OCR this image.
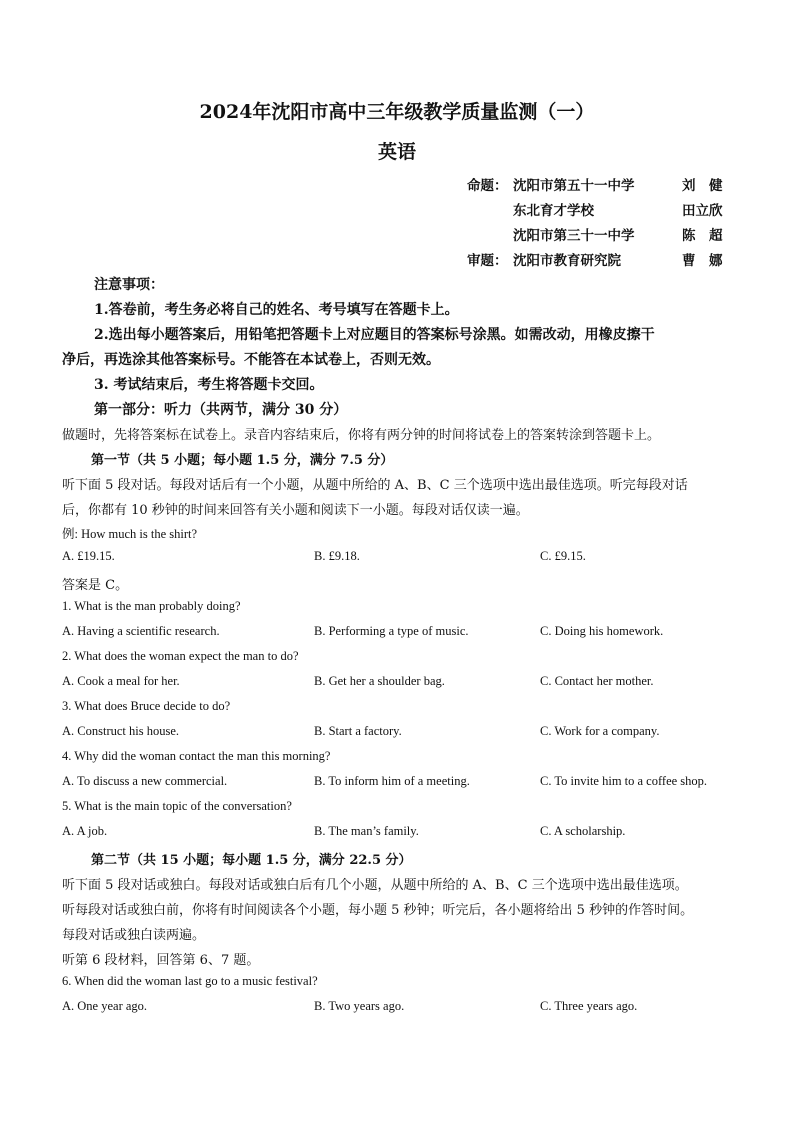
2024年沈阳市高中三年级教学质量监测（一）
英语
命题： 沈阳市第五十一中学	刘　健
东北育才学校	田立欣
沈阳市第三十一中学	陈　超
审题： 沈阳市教育研究院	曹　娜
注意事项：
1.答卷前，考生务必将自己的姓名、考号填写在答题卡上。
2.选出每小题答案后，用铅笔把答题卡上对应题目的答案标号涂黑。如需改动，用橡皮擦干
净后，再选涂其他答案标号。不能答在本试卷上，否则无效。
3. 考试结束后，考生将答题卡交回。
第一部分：听力（共两节，满分 30 分）
做题时，先将答案标在试卷上。录音内容结束后，你将有两分钟的时间将试卷上的答案转涂到答题卡上。
第一节（共 5 小题；每小题 1.5 分，满分 7.5 分）
听下面 5 段对话。每段对话后有一个小题，从题中所给的 A、B、C 三个选项中选出最佳选项。听完每段对话
后，你都有 10 秒钟的时间来回答有关小题和阅读下一小题。每段对话仅读一遍。
例: How much is the shirt?
A. £19.15.	B. £9.18.	C. £9.15.
答案是 C。
1. What is the man probably doing?
A. Having a scientific research.	B. Performing a type of music.	C. Doing his homework.
2. What does the woman expect the man to do?
A. Cook a meal for her.	B. Get her a shoulder bag.	C. Contact her mother.
3. What does Bruce decide to do?
A. Construct his house.	B. Start a factory.	C. Work for a company.
4. Why did the woman contact the man this morning?
A. To discuss a new commercial.	B. To inform him of a meeting.	C. To invite him to a coffee shop.
5. What is the main topic of the conversation?
A. A job.	B. The man’s family.	C. A scholarship.
第二节（共 15 小题；每小题 1.5 分，满分 22.5 分）
听下面 5 段对话或独白。每段对话或独白后有几个小题，从题中所给的 A、B、C 三个选项中选出最佳选项。
听每段对话或独白前，你将有时间阅读各个小题，每小题 5 秒钟；听完后，各小题将给出 5 秒钟的作答时间。
每段对话或独白读两遍。
听第 6 段材料，回答第 6、7 题。
6. When did the woman last go to a music festival?
A. One year ago.	B. Two years ago.	C. Three years ago.
